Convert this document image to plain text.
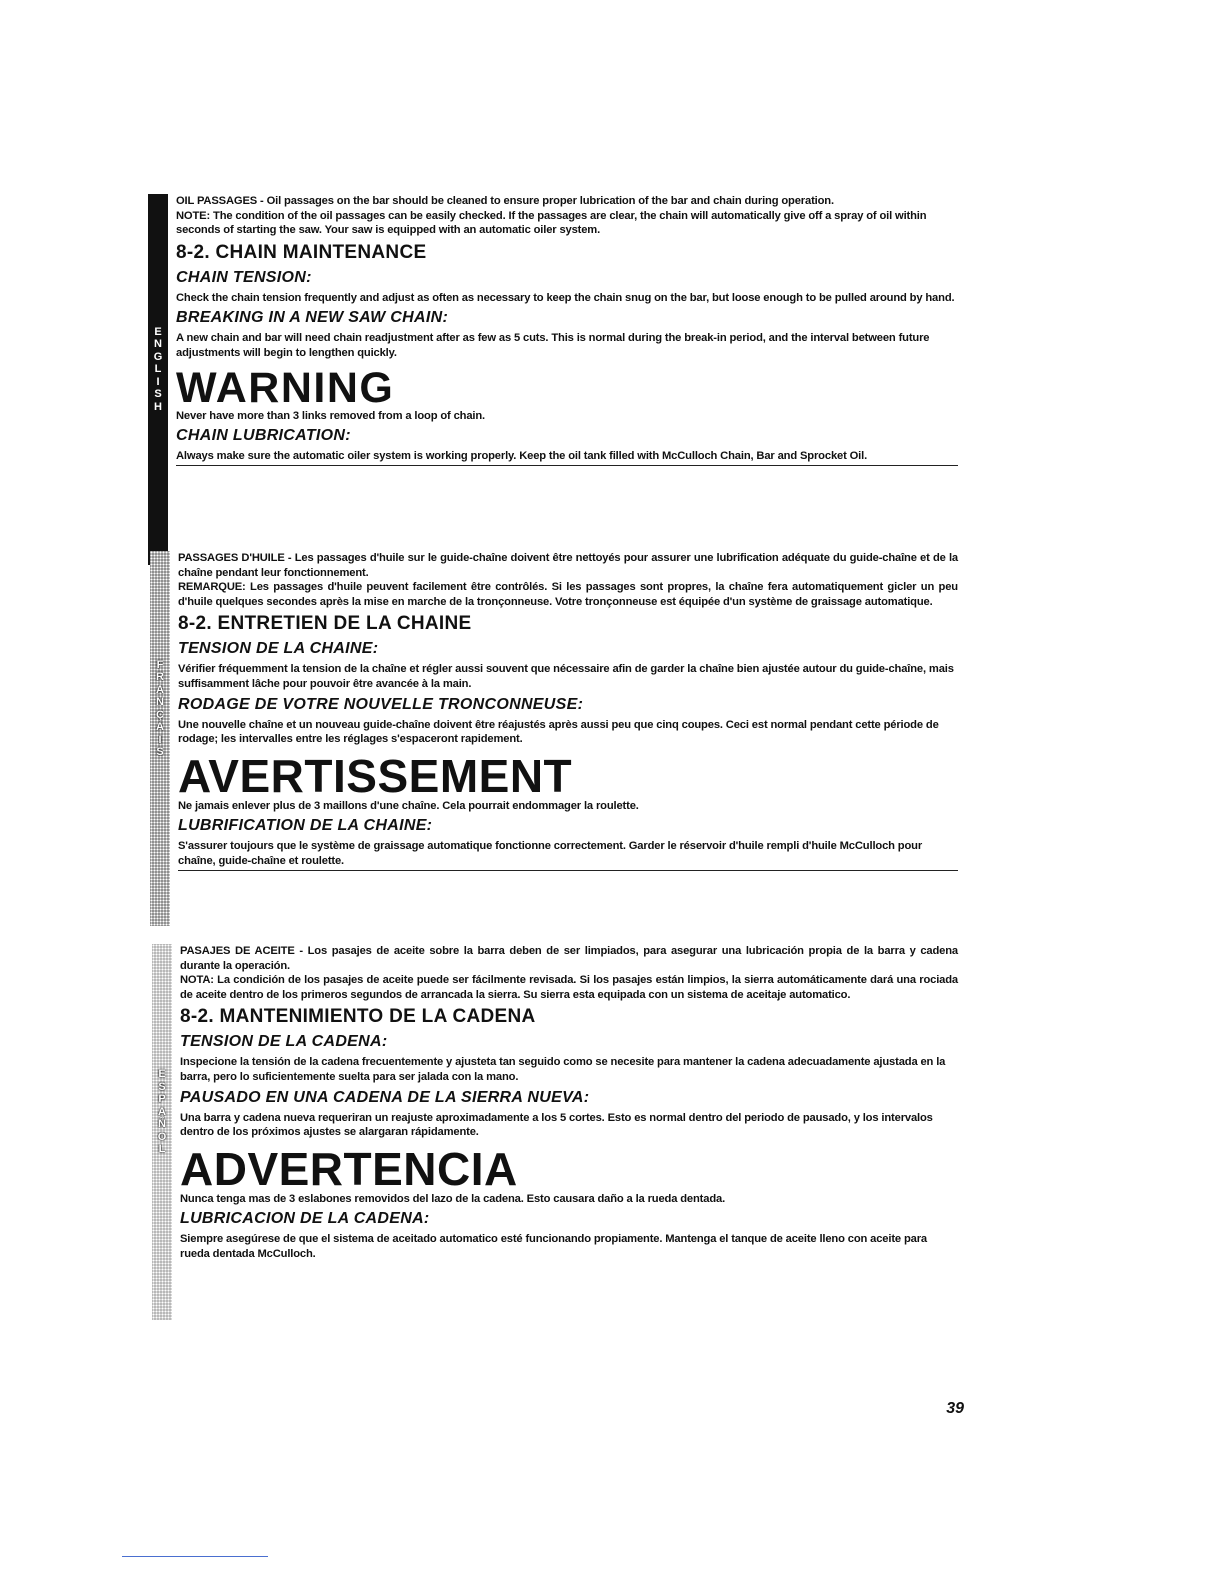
E
N
G
L
I
S
H

OIL PASSAGES - Oil passages on the bar should be cleaned to ensure proper lubrication of the bar and chain during operation.

NOTE: The condition of the oil passages can be easily checked. If the passages are clear, the chain will automatically give off a spray of oil within seconds of starting the saw. Your saw is equipped with an automatic oiler system.

8-2. CHAIN MAINTENANCE
CHAIN TENSION:

Check the chain tension frequently and adjust as often as necessary to keep the chain snug on the bar, but loose enough to be pulled around by hand.

BREAKING IN A NEW SAW CHAIN:

A new chain and bar will need chain readjustment after as few as 5 cuts. This is normal during the break-in period, and the interval between future adjustments will begin to lengthen quickly.

WARNING

Never have more than 3 links removed from a loop of chain.

CHAIN LUBRICATION:

Always make sure the automatic oiler system is working properly. Keep the oil tank filled with McCulloch Chain, Bar and Sprocket Oil.

F
R
A
N
Ç
A
I
S

PASSAGES D'HUILE - Les passages d'huile sur le guide-chaîne doivent être nettoyés pour assurer une lubrification adéquate du guide-chaîne et de la chaîne pendant leur fonctionnement.

REMARQUE: Les passages d'huile peuvent facilement être contrôlés. Si les passages sont propres, la chaîne fera automatiquement gicler un peu d'huile quelques secondes après la mise en marche de la tronçonneuse. Votre tronçonneuse est équipée d'un système de graissage automatique.

8-2. ENTRETIEN DE LA CHAINE
TENSION DE LA CHAINE:

Vérifier fréquemment la tension de la chaîne et régler aussi souvent que nécessaire afin de garder la chaîne bien ajustée autour du guide-chaîne, mais suffisamment lâche pour pouvoir être avancée à la main.

RODAGE DE VOTRE NOUVELLE TRONCONNEUSE:

Une nouvelle chaîne et un nouveau guide-chaîne doivent être réajustés après aussi peu que cinq coupes. Ceci est normal pendant cette période de rodage; les intervalles entre les réglages s'espaceront rapidement.

AVERTISSEMENT

Ne jamais enlever plus de 3 maillons d'une chaîne. Cela pourrait endommager la roulette.

LUBRIFICATION DE LA CHAINE:

S'assurer toujours que le système de graissage automatique fonctionne correctement. Garder le réservoir d'huile rempli d'huile McCulloch pour chaîne, guide-chaîne et roulette.

E
S
P
A
Ñ
O
L

PASAJES DE ACEITE - Los pasajes de aceite sobre la barra deben de ser limpiados, para asegurar una lubricación propia de la barra y cadena durante la operación.

NOTA: La condición de los pasajes de aceite puede ser fácilmente revisada. Si los pasajes están limpios, la sierra automáticamente dará una rociada de aceite dentro de los primeros segundos de arrancada la sierra. Su sierra esta equipada con un sistema de aceitaje automatico.

8-2. MANTENIMIENTO DE LA CADENA
TENSION DE LA CADENA:

Inspecione la tensión de la cadena frecuentemente y ajusteta tan seguido como se necesite para mantener la cadena adecuadamente ajustada en la barra, pero lo suficientemente suelta para ser jalada con la mano.

PAUSADO EN UNA CADENA DE LA SIERRA NUEVA:

Una barra y cadena nueva requeriran un reajuste aproximadamente a los 5 cortes. Esto es normal dentro del periodo de pausado, y los intervalos dentro de los próximos ajustes se alargaran rápidamente.

ADVERTENCIA

Nunca tenga mas de 3 eslabones removidos del lazo de la cadena. Esto causara daño a la rueda dentada.

LUBRICACION DE LA CADENA:

Siempre asegúrese de que el sistema de aceitado automatico esté funcionando propiamente. Mantenga el tanque de aceite lleno con aceite para rueda dentada McCulloch.

39
